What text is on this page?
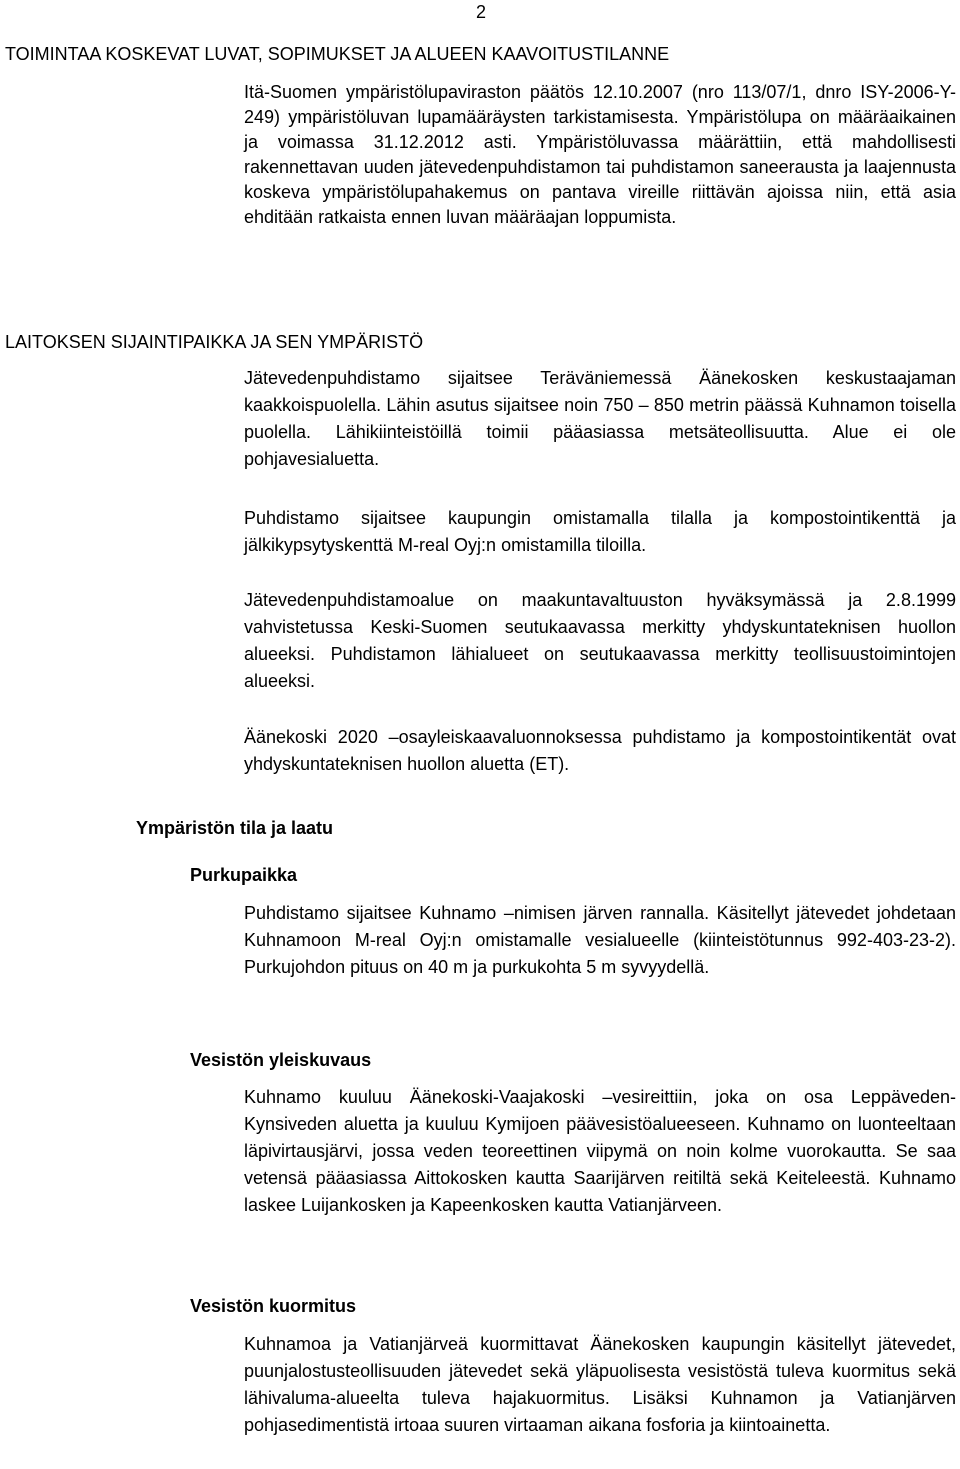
2
TOIMINTAA KOSKEVAT LUVAT, SOPIMUKSET JA ALUEEN KAAVOITUSTILANNE

Itä-Suomen ympäristölupaviraston päätös 12.10.2007 (nro 113/07/1, dnro ISY-2006-Y-249) ympäristöluvan lupamääräysten tarkistamisesta. Ympäristölupa on määräaikainen ja voimassa 31.12.2012 asti. Ympäristöluvassa määrättiin, että mahdollisesti rakennettavan uuden jätevedenpuhdistamon tai puhdistamon saneerausta ja laajennusta koskeva ympäristölupahakemus on pantava vireille riittävän ajoissa niin, että asia ehditään ratkaista ennen luvan määräajan loppumista.

LAITOKSEN SIJAINTIPAIKKA JA SEN YMPÄRISTÖ

Jätevedenpuhdistamo sijaitsee Teräväniemessä Äänekosken keskustaajaman kaakkoispuolella. Lähin asutus sijaitsee noin 750 – 850 metrin päässä Kuhnamon toisella puolella. Lähikiinteistöillä toimii pääasiassa metsäteollisuutta. Alue ei ole pohjavesialuetta.

Puhdistamo sijaitsee kaupungin omistamalla tilalla ja kompostointikenttä ja jälkikypsytyskenttä M-real Oyj:n omistamilla tiloilla.

Jätevedenpuhdistamoalue on maakuntavaltuuston hyväksymässä ja 2.8.1999 vahvistetussa Keski-Suomen seutukaavassa merkitty yhdyskuntateknisen huollon alueeksi. Puhdistamon lähialueet on seutukaavassa merkitty teollisuustoimintojen alueeksi.

Äänekoski 2020 –osayleiskaavaluonnoksessa puhdistamo ja kompostointikentät ovat yhdyskuntateknisen huollon aluetta (ET).

Ympäristön tila ja laatu
Purkupaikka

Puhdistamo sijaitsee Kuhnamo –nimisen järven rannalla. Käsitellyt jätevedet johdetaan Kuhnamoon M-real Oyj:n omistamalle vesialueelle (kiinteistötunnus 992-403-23-2). Purkujohdon pituus on 40 m ja purkukohta 5 m syvyydellä.

Vesistön yleiskuvaus

Kuhnamo kuuluu Äänekoski-Vaajakoski –vesireittiin, joka on osa Leppäveden-Kynsiveden aluetta ja kuuluu Kymijoen päävesistöalueeseen. Kuhnamo on luonteeltaan läpivirtausjärvi, jossa veden teoreettinen viipymä on noin kolme vuorokautta. Se saa vetensä pääasiassa Aittokosken kautta Saarijärven reitiltä sekä Keiteleestä. Kuhnamo laskee Luijankosken ja Kapeenkosken kautta Vatianjärveen.

Vesistön kuormitus

Kuhnamoa ja Vatianjärveä kuormittavat Äänekosken kaupungin käsitellyt jätevedet, puunjalostusteollisuuden jätevedet sekä yläpuolisesta vesistöstä tuleva kuormitus sekä lähivaluma-alueelta tuleva hajakuormitus. Lisäksi Kuhnamon ja Vatianjärven pohjasedimentistä irtoaa suuren virtaaman aikana fosforia ja kiintoainetta.
